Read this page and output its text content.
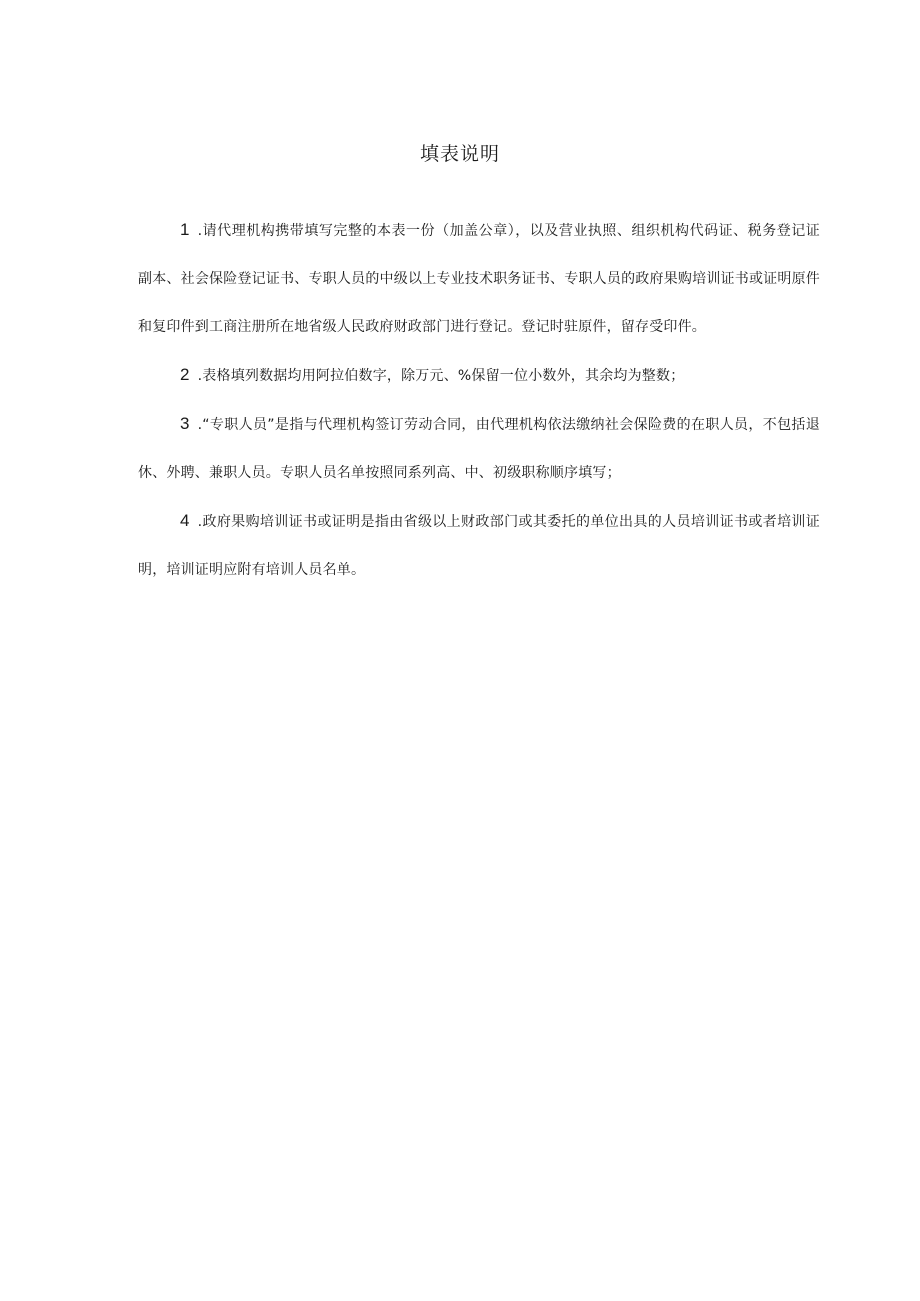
填表说明

1 .请代理机构携带填写完整的本表一份（加盖公章），以及营业执照、组织机构代码证、税务登记证副本、社会保险登记证书、专职人员的中级以上专业技术职务证书、专职人员的政府果购培训证书或证明原件和复印件到工商注册所在地省级人民政府财政部门进行登记。登记时驻原件，留存受印件。

2 .表格填列数据均用阿拉伯数字，除万元、%保留一位小数外，其余均为整数；

3 .“专职人员”是指与代理机构签订劳动合同，由代理机构依法缴纳社会保险费的在职人员，不包括退休、外聘、兼职人员。专职人员名单按照同系列高、中、初级职称顺序填写；

4 .政府果购培训证书或证明是指由省级以上财政部门或其委托的单位出具的人员培训证书或者培训证明，培训证明应附有培训人员名单。
